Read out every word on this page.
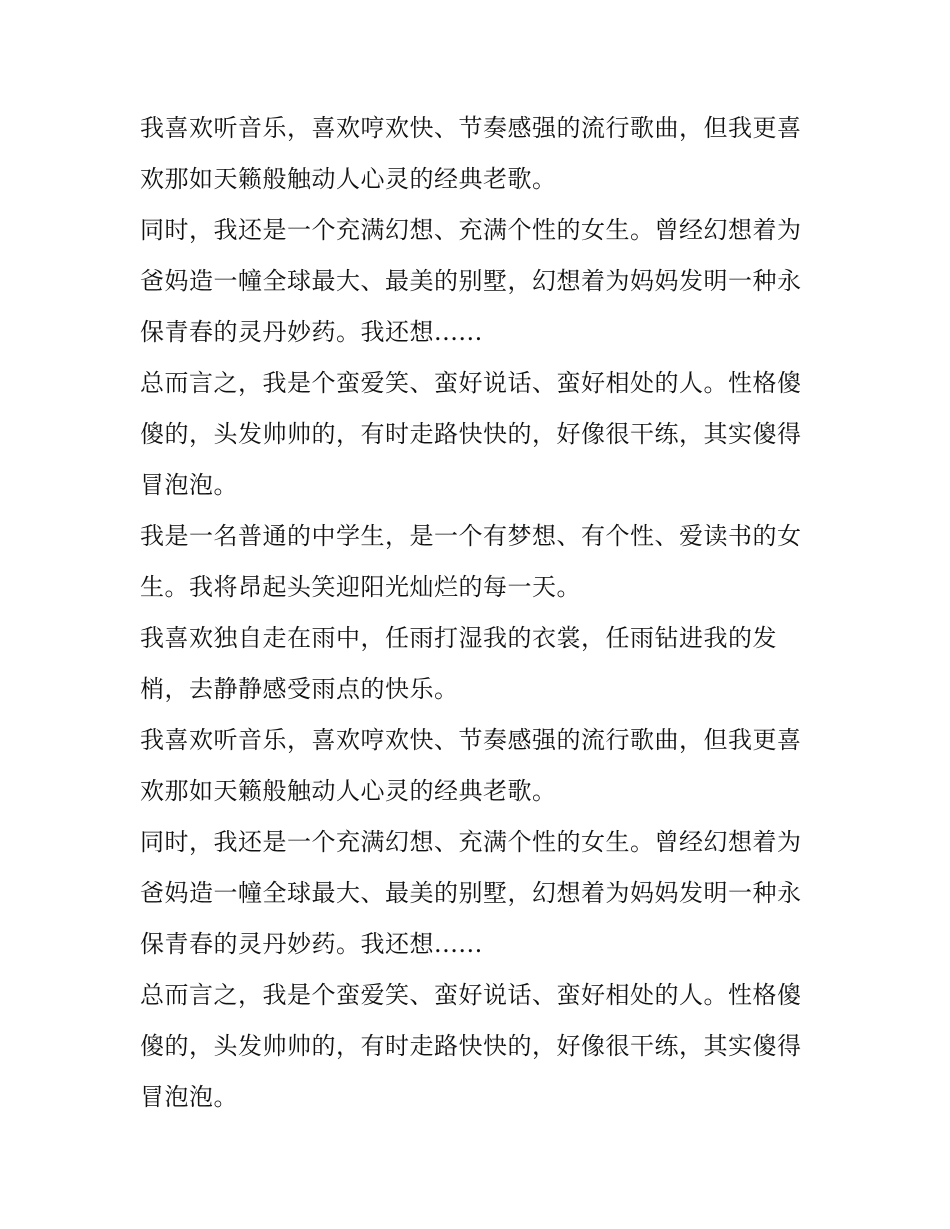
我喜欢听音乐，喜欢哼欢快、节奏感强的流行歌曲，但我更喜
欢那如天籁般触动人心灵的经典老歌。

同时，我还是一个充满幻想、充满个性的女生。曾经幻想着为
爸妈造一幢全球最大、最美的别墅，幻想着为妈妈发明一种永
保青春的灵丹妙药。我还想......

总而言之，我是个蛮爱笑、蛮好说话、蛮好相处的人。性格傻
傻的，头发帅帅的，有时走路快快的，好像很干练，其实傻得
冒泡泡。

我是一名普通的中学生，是一个有梦想、有个性、爱读书的女
生。我将昂起头笑迎阳光灿烂的每一天。

我喜欢独自走在雨中，任雨打湿我的衣裳，任雨钻进我的发
梢，去静静感受雨点的快乐。

我喜欢听音乐，喜欢哼欢快、节奏感强的流行歌曲，但我更喜
欢那如天籁般触动人心灵的经典老歌。

同时，我还是一个充满幻想、充满个性的女生。曾经幻想着为
爸妈造一幢全球最大、最美的别墅，幻想着为妈妈发明一种永
保青春的灵丹妙药。我还想......

总而言之，我是个蛮爱笑、蛮好说话、蛮好相处的人。性格傻
傻的，头发帅帅的，有时走路快快的，好像很干练，其实傻得
冒泡泡。
